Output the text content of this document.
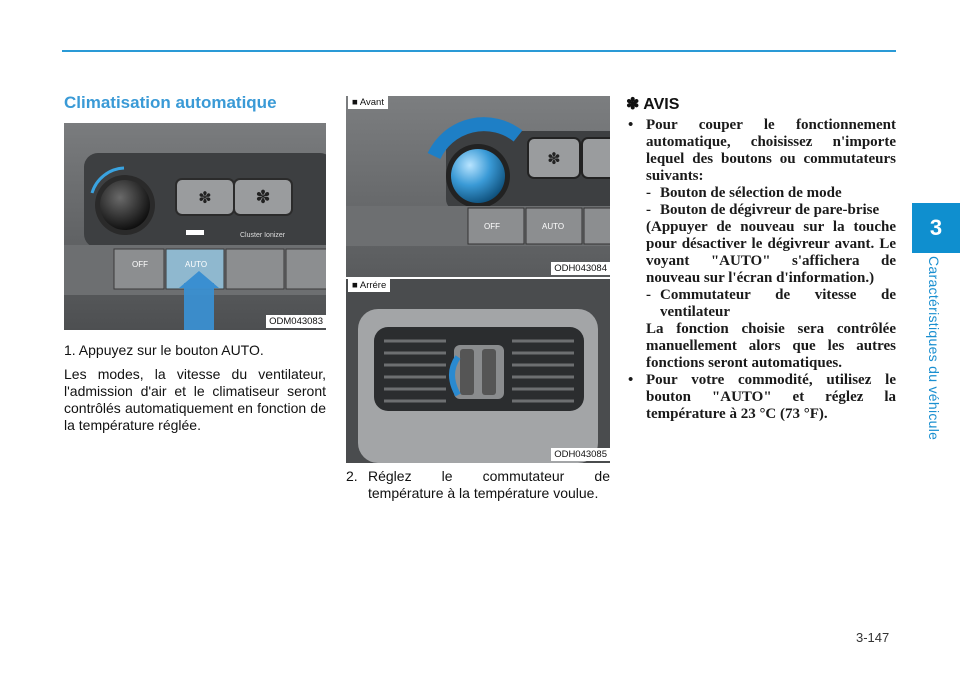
3
Caractéristiques du véhicule
Climatisation automatique
✽ ✽
Cluster Ionizer
OFF	AUTO
ODM043083
1. Appuyez sur le bouton AUTO.
Les modes, la vitesse du ventilateur, l'admission d'air et le climatiseur seront contrôlés automatiquement en fonction de la température réglée.
✽
OFF	AUTO
■ Avant
ODH043084
■ Arrére
ODH043085
2. Réglez le commutateur de température à la température voulue.
✽ AVIS
• Pour couper le fonctionnement automatique, choisissez n'importe lequel des boutons ou commutateurs suivants:
- Bouton de sélection de mode
- Bouton de dégivreur de pare-brise
(Appuyer de nouveau sur la touche pour désactiver le dégivreur avant. Le voyant "AUTO" s'affichera de nouveau sur l'écran d'information.)
- Commutateur de vitesse de ventilateur
La fonction choisie sera contrôlée manuellement alors que les autres fonctions seront automatiques.
• Pour votre commodité, utilisez le bouton "AUTO" et réglez la température à 23 °C (73 °F).
3-147
